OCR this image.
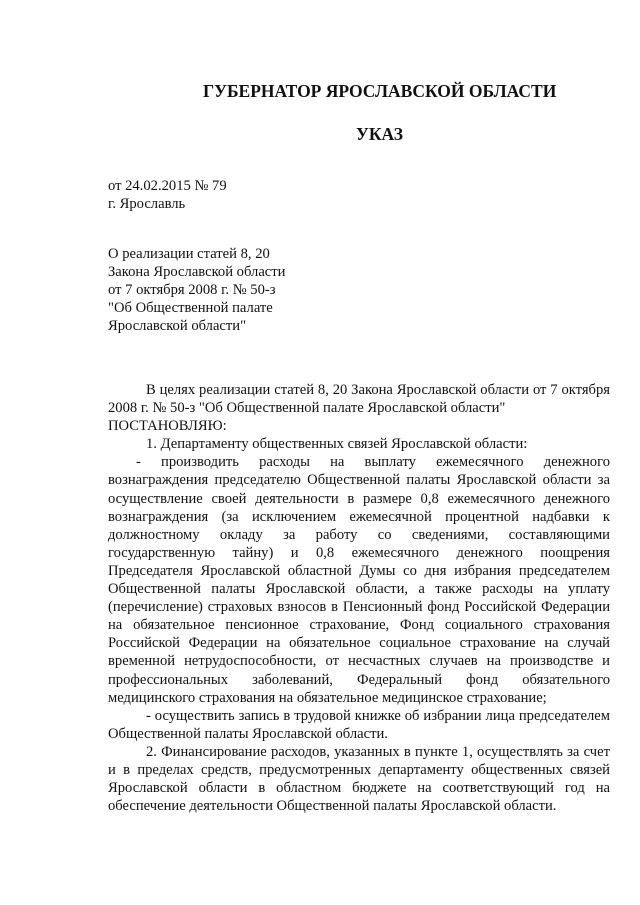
ГУБЕРНАТОР ЯРОСЛАВСКОЙ ОБЛАСТИ
УКАЗ
от 24.02.2015 № 79
г. Ярославль
О реализации статей 8, 20
Закона Ярославской области
от 7 октября 2008 г. № 50-з
"Об Общественной палате
Ярославской области"

В целях реализации статей 8, 20 Закона Ярославской области от 7 октября 2008 г. № 50-з "Об Общественной палате Ярославской области"

ПОСТАНОВЛЯЮ:

1. Департаменту общественных связей Ярославской области:

- производить расходы на выплату ежемесячного денежного вознаграждения председателю Общественной палаты Ярославской области за осуществление своей деятельности в размере 0,8 ежемесячного денежного вознаграждения (за исключением ежемесячной процентной надбавки к должностному окладу за работу со сведениями, составляющими государственную тайну) и 0,8 ежемесячного денежного поощрения Председателя Ярославской областной Думы со дня избрания председателем Общественной палаты Ярославской области, а также расходы на уплату (перечисление) страховых взносов в Пенсионный фонд Российской Федерации на обязательное пенсионное страхование, Фонд социального страхования Российской Федерации на обязательное социальное страхование на случай временной нетрудоспособности, от несчастных случаев на производстве и профессиональных заболеваний, Федеральный фонд обязательного медицинского страхования на обязательное медицинское страхование;

- осуществить запись в трудовой книжке об избрании лица председателем Общественной палаты Ярославской области.

2. Финансирование расходов, указанных в пункте 1, осуществлять за счет и в пределах средств, предусмотренных департаменту общественных связей Ярославской области в областном бюджете на соответствующий год на обеспечение деятельности Общественной палаты Ярославской области.
